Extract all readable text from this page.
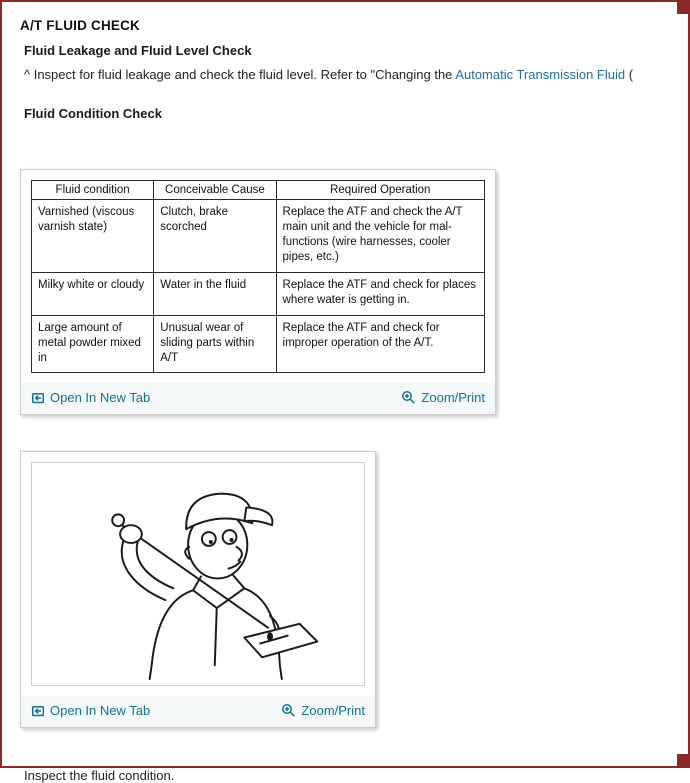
A/T FLUID CHECK
Fluid Leakage and Fluid Level Check
^ Inspect for fluid leakage and check the fluid level. Refer to "Changing the Automatic Transmission Fluid (
Fluid Condition Check
Fluid condition	Conceivable Cause	Required Operation
Varnished (viscous varnish state)	Clutch, brake scorched	Replace the ATF and check the A/T main unit and the vehicle for mal-functions (wire harnesses, cooler pipes, etc.)
Milky white or cloudy	Water in the fluid	Replace the ATF and check for places where water is getting in.
Large amount of metal powder mixed in	Unusual wear of sliding parts within A/T	Replace the ATF and check for improper operation of the A/T.
Open In New Tab	Zoom/Print
Open In New Tab	Zoom/Print
Inspect the fluid condition.
